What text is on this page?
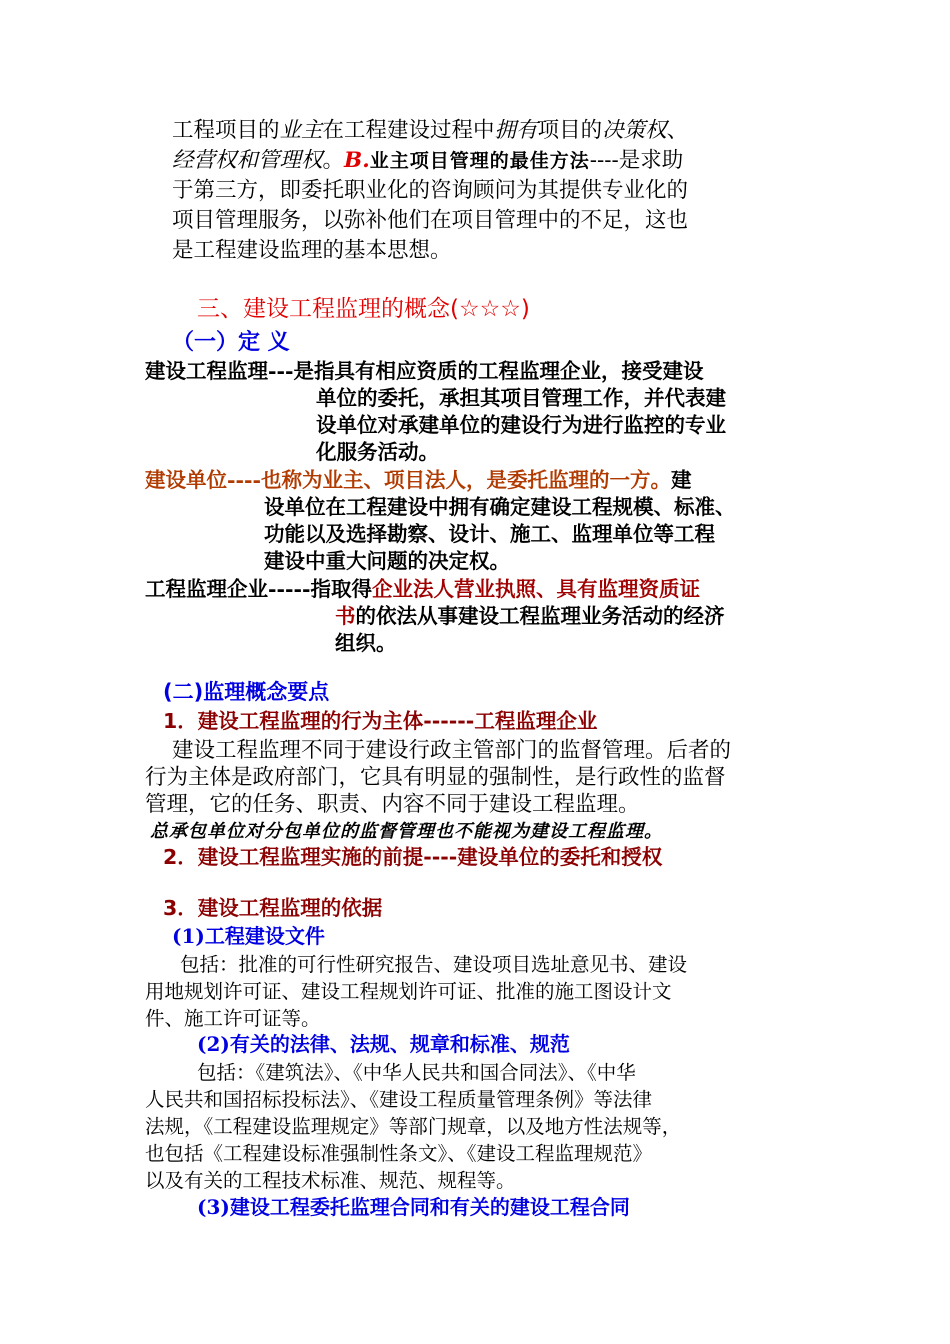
工程项目的业主在工程建设过程中拥有项目的决策权、
经营权和管理权。B.业主项目管理的最佳方法----是求助
于第三方，即委托职业化的咨询顾问为其提供专业化的
项目管理服务，以弥补他们在项目管理中的不足，这也
是工程建设监理的基本思想。
三、建设工程监理的概念(☆☆☆)
（一）定 义
建设工程监理---是指具有相应资质的工程监理企业，接受建设
单位的委托，承担其项目管理工作，并代表建
设单位对承建单位的建设行为进行监控的专业
化服务活动。
建设单位----也称为业主、项目法人，是委托监理的一方。建
设单位在工程建设中拥有确定建设工程规模、标准、
功能以及选择勘察、设计、施工、监理单位等工程
建设中重大问题的决定权。
工程监理企业-----指取得企业法人营业执照、具有监理资质证
书的依法从事建设工程监理业务活动的经济
组织。
(二)监理概念要点
1．建设工程监理的行为主体------工程监理企业
建设工程监理不同于建设行政主管部门的监督管理。后者的
行为主体是政府部门，它具有明显的强制性，是行政性的监督
管理，它的任务、职责、内容不同于建设工程监理。
总承包单位对分包单位的监督管理也不能视为建设工程监理。
2．建设工程监理实施的前提----建设单位的委托和授权
3．建设工程监理的依据
(1)工程建设文件
包括：批准的可行性研究报告、建设项目选址意见书、建设
用地规划许可证、建设工程规划许可证、批准的施工图设计文
件、施工许可证等。
(2)有关的法律、法规、规章和标准、规范
包括：《建筑法》、《中华人民共和国合同法》、《中华
人民共和国招标投标法》、《建设工程质量管理条例》等法律
法规，《工程建设监理规定》等部门规章，以及地方性法规等，
也包括《工程建设标准强制性条文》、《建设工程监理规范》
以及有关的工程技术标准、规范、规程等。
(3)建设工程委托监理合同和有关的建设工程合同
